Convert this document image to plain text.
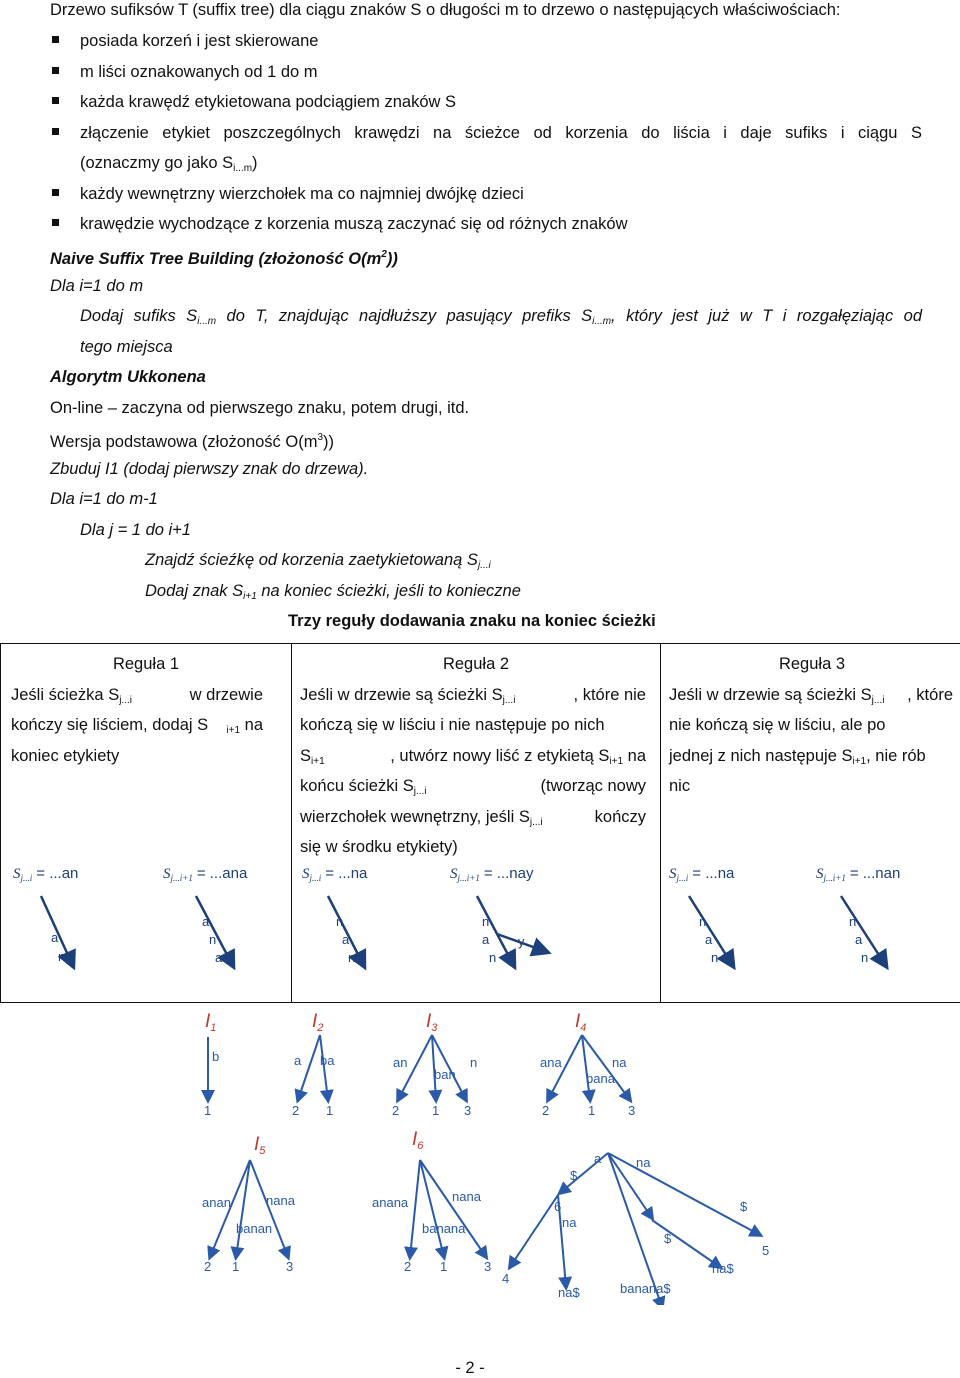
Drzewo sufiksów T (suffix tree) dla ciągu znaków S o długości m to drzewo o następujących właściwościach:
posiada korzeń i jest skierowane
m liści oznakowanych od 1 do m
każda krawędź etykietowana podciągiem znaków S
złączenie etykiet poszczególnych krawędzi na ścieżce od korzenia do liścia i daje sufiks i ciągu S
(oznaczmy go jako $S_{i...m}$)
każdy wewnętrzny wierzchołek ma co najmniej dwójkę dzieci
krawędzie wychodzące z korzenia muszą zaczynać się od różnych znaków
Naive Suffix Tree Building (złożoność $O(m^2)$)
Dla i=1 do m
Dodaj sufiks $S_{i...m}$ do T, znajdując najdłuższy pasujący prefiks $S_{i...m}$, który jest już w T i rozgałęziając od
tego miejsca
Algorytm Ukkonena
On-line – zaczyna od pierwszego znaku, potem drugi, itd.
Wersja podstawowa (złożoność $O(m^3)$)
Zbuduj I1 (dodaj pierwszy znak do drzewa).
Dla i=1 do m-1
Dla j = 1 do i+1
Znajdź ścieźkę od korzenia zaetykietowaną $S_{j...i}$
Dodaj znak $S_{i+1}$ na koniec ścieżki, jeśli to konieczne
Trzy reguły dodawania znaku na koniec ścieżki
Reguła 1
Jeśli ścieżka $S_{j...i}$	w drzewie
kończy się liściem, dodaj S $_{i+1}$ na
koniec etykiety
$S_{j...i} = ...an$	$S_{j...i+1} = ...ana$
a
n
a
n
a

Reguła 2
Jeśli w drzewie są ścieżki $S_{j...i}$	, które nie
kończą się w liściu i nie następuje po nich
$S_{i+1}$	, utwórz nowy liść z etykietą $S_{i+1}$ na
końcu ścieżki $S_{j...i}$	(tworząc nowy
wierzchołek wewnętrzny, jeśli $S_{j...i}$	kończy
się w środku etykiety)
$S_{j...i} = ...na$	$S_{j...i+1} = ...nay$
n
a
n
n
a
n
y

Reguła 3
Jeśli w drzewie są ścieżki $S_{j...i}$ , które
nie kończą się w liściu, ale po
jednej z nich następuje $S_{i+1}$, nie rób
nic
$S_{j...i} = ...na$	$S_{j...i+1} = ...nan$
n
a
n
n
a
n
$I_1$	$I_2$	$I_3$	$I_4$
$I_5$
$I_6$
b
1
a ba
2 1
an
ban
n
2	1 3
ana
bana
na
2	1	3
anan	nana
banan
2 1	3
anana
banana
nana
2 1	3
$
a	na
$
6
na
na$	banana$
na$
$
4
5
- 2 -
